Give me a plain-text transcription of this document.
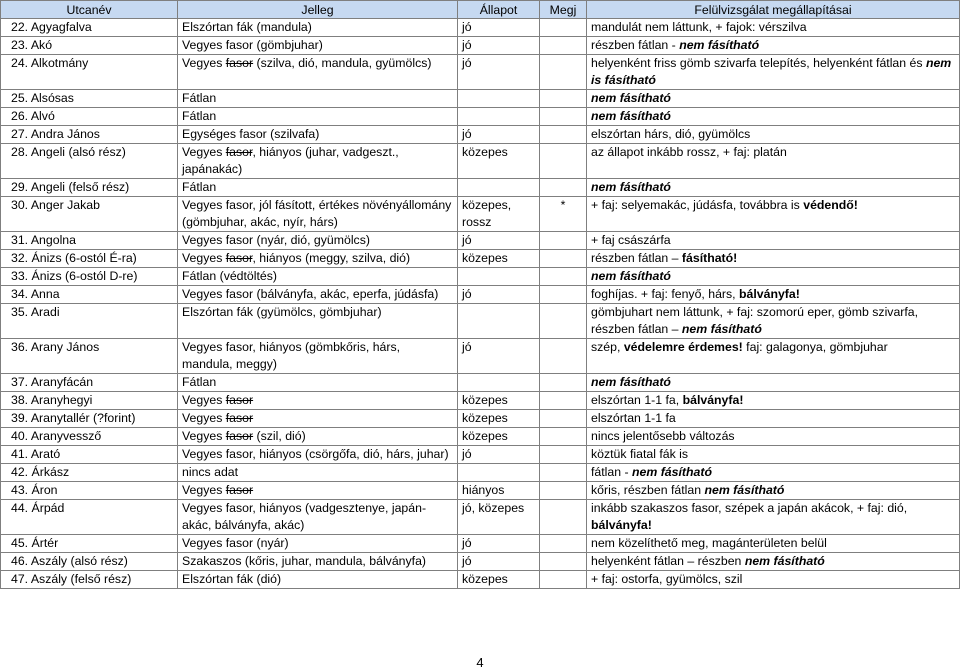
Utcanév	Jelleg	Állapot	Megj	Felülvizsgálat megállapításai
22. Agyagfalva	Elszórtan fák (mandula)	jó		mandulát nem láttunk, + fajok: vérszilva
23. Akó	Vegyes fasor (gömbjuhar)	jó		részben fátlan - nem fásítható
24. Alkotmány	Vegyes fasor (szilva, dió, mandula, gyümölcs)	jó		helyenként friss gömb szivarfa telepítés, helyenként fátlan és nem is fásítható
25. Alsósas	Fátlan			nem fásítható
26. Alvó	Fátlan			nem fásítható
27. Andra János	Egységes fasor (szilvafa)	jó		elszórtan hárs, dió, gyümölcs
28. Angeli (alsó rész)	Vegyes fasor, hiányos (juhar, vadgeszt., japánakác)	közepes		az állapot inkább rossz, + faj: platán
29. Angeli (felső rész)	Fátlan			nem fásítható
30. Anger Jakab	Vegyes fasor, jól fásított, értékes növényállomány (gömbjuhar, akác, nyír, hárs)	közepes, rossz	*	+ faj: selyemakác, júdásfa, továbbra is védendő!
31. Angolna	Vegyes fasor (nyár, dió, gyümölcs)	jó		+ faj császárfa
32. Ánizs (6-ostól É-ra)	Vegyes fasor, hiányos (meggy, szilva, dió)	közepes		részben fátlan – fásítható!
33. Ánizs (6-ostól D-re)	Fátlan (védtöltés)			nem fásítható
34. Anna	Vegyes fasor (bálványfa, akác, eperfa, júdásfa)	jó		foghíjas. + faj: fenyő, hárs, bálványfa!
35. Aradi	Elszórtan fák (gyümölcs, gömbjuhar)			gömbjuhart nem láttunk, + faj: szomorú eper, gömb szivarfa, részben fátlan – nem fásítható
36. Arany János	Vegyes fasor, hiányos (gömbkőris, hárs, mandula, meggy)	jó		szép, védelemre érdemes! faj: galagonya, gömbjuhar
37. Aranyfácán	Fátlan			nem fásítható
38. Aranyhegyi	Vegyes fasor	közepes		elszórtan 1-1 fa, bálványfa!
39. Aranytallér (?forint)	Vegyes fasor	közepes		elszórtan 1-1 fa
40. Aranyvessző	Vegyes fasor (szil, dió)	közepes		nincs jelentősebb változás
41. Arató	Vegyes fasor, hiányos (csörgőfa, dió, hárs, juhar)	jó		köztük fiatal fák is
42. Árkász	nincs adat			fátlan - nem fásítható
43. Áron	Vegyes fasor	hiányos		kőris, részben fátlan nem fásítható
44. Árpád	Vegyes fasor, hiányos (vadgesztenye, japán-akác, bálványfa, akác)	jó, közepes		inkább szakaszos fasor, szépek a japán akácok, + faj: dió, bálványfa!
45. Ártér	Vegyes fasor (nyár)	jó		nem közelíthető meg, magánterületen belül
46. Aszály (alsó rész)	Szakaszos (kőris, juhar, mandula, bálványfa)	jó		helyenként fátlan – részben nem fásítható
47. Aszály (felső rész)	Elszórtan fák (dió)	közepes		+ faj: ostorfa, gyümölcs, szil
4
